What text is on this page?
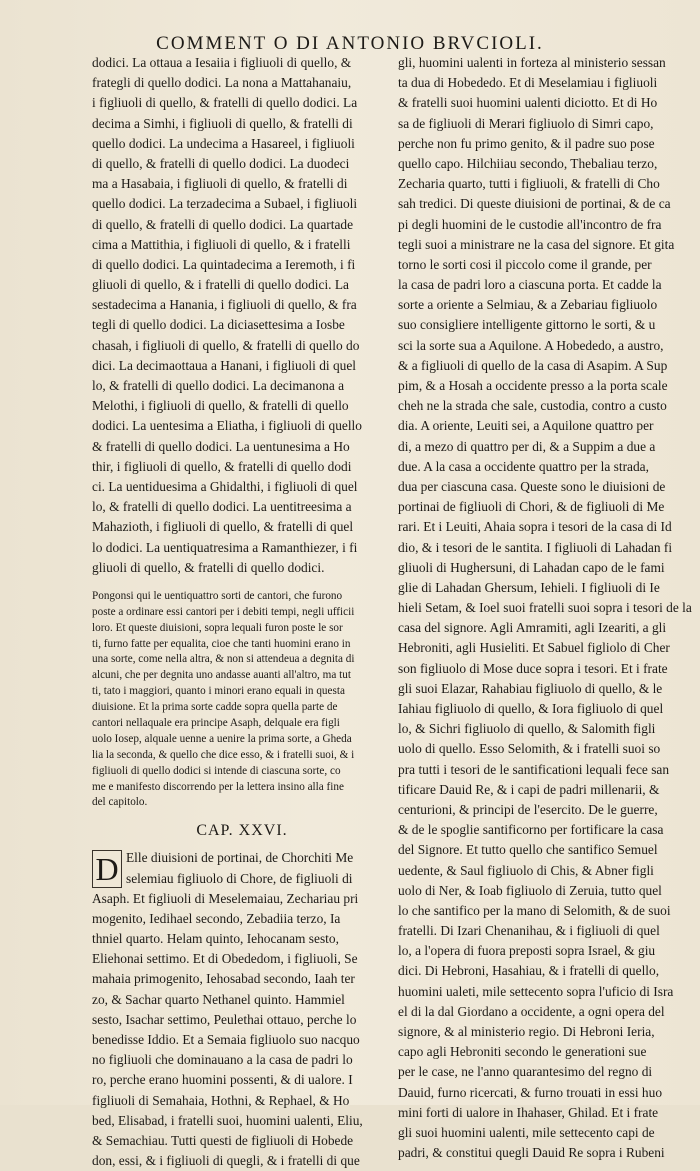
COMMENT O DI ANTONIO BRVCIOLI.
dodici. La ottaua a Iesaiia i figliuoli di quello, &
frategli di quello dodici. La nona a Mattahanaiu,
i figliuoli di quello, & fratelli di quello dodici. La
decima a Simhi, i figliuoli di quello, & fratelli di
quello dodici. La undecima a Hasareel, i figliuoli
di quello, & fratelli di quello dodici. La duodeci
ma a Hasabaia, i figliuoli di quello, & fratelli di
quello dodici. La terzadecima a Subael, i figliuoli
di quello, & fratelli di quello dodici. La quartade
cima a Mattithia, i figliuoli di quello, & i fratelli
di quello dodici. La quintadecima a Ieremoth, i fi
gliuoli di quello, & i fratelli di quello dodici. La
sestadecima a Hanania, i figliuoli di quello, & fra
tegli di quello dodici. La diciasettesima a Iosbe
chasah, i figliuoli di quello, & fratelli di quello do
dici. La decimaottaua a Hanani, i figliuoli di quel
lo, & fratelli di quello dodici. La decimanona a
Melothi, i figliuoli di quello, & fratelli di quello
dodici. La uentesima a Eliatha, i figliuoli di quello
& fratelli di quello dodici. La uentunesima a Ho
thir, i figliuoli di quello, & fratelli di quello dodi
ci. La uentiduesima a Ghidalthi, i figliuoli di quel
lo, & fratelli di quello dodici. La uentitreesima a
Mahazioth, i figliuoli di quello, & fratelli di quel
lo dodici. La uentiquatresima a Ramanthiezer, i fi
gliuoli di quello, & fratelli di quello dodici.
Pongonsi qui le uentiquattro sorti de cantori, che furono
poste a ordinare essi cantori per i debiti tempi, negli ufficii
loro. Et queste diuisioni, sopra lequali furon poste le sor
ti, furno fatte per equalita, cioe che tanti huomini erano in
una sorte, come nella altra, & non si attendeua a degnita di
alcuni, che per degnita uno andasse auanti all'altro, ma tut
ti, tato i maggiori, quanto i minori erano equali in questa
diuisione. Et la prima sorte cadde sopra quella parte de
cantori nellaquale era principe Asaph, delquale era figli
uolo Iosep, alquale uenne a uenire la prima sorte, a Gheda
lia la seconda, & quello che dice esso, & i fratelli suoi, & i
figliuoli di quello dodici si intende di ciascuna sorte, co
me e manifesto discorrendo per la lettera insino alla fine
del capitolo.
CAP. XXVI.
D Elle diuisioni de portinai, de Chorchiti Me
selemiau figliuolo di Chore, de figliuoli di
Asaph. Et figliuoli di Meselemaiau, Zechariau pri
mogenito, Iedihael secondo, Zebadiia terzo, Ia
thniel quarto. Helam quinto, Iehocanam sesto,
Eliehonai settimo. Et di Obededom, i figliuoli, Se
mahaia primogenito, Iehosabad secondo, Iaah ter
zo, & Sachar quarto Nethanel quinto. Hammiel
sesto, Isachar settimo, Peulethai ottauo, perche lo
benedisse Iddio. Et a Semaia figliuolo suo nacquo
no figliuoli che dominauano a la casa de padri lo
ro, perche erano huomini possenti, & di ualore. I
figliuoli di Semahaia, Hothni, & Rephael, & Ho
bed, Elisabad, i fratelli suoi, huomini ualenti, Eliu,
& Semachiau. Tutti questi de figliuoli di Hobede
don, essi, & i figliuoli di quegli, & i fratelli di que
gli, huomini ualenti in forteza al ministerio sessan
ta dua di Hobededo. Et di Meselamiau i figliuoli
& fratelli suoi huomini ualenti diciotto. Et di Ho
sa de figliuoli di Merari figliuolo di Simri capo,
perche non fu primo genito, & il padre suo pose
quello capo. Hilchiiau secondo, Thebaliau terzo,
Zecharia quarto, tutti i figliuoli, & fratelli di Cho
sah tredici. Di queste diuisioni de portinai, & de ca
pi degli huomini de le custodie all'incontro de fra
tegli suoi a ministrare ne la casa del signore. Et gita
torno le sorti cosi il piccolo come il grande, per
la casa de padri loro a ciascuna porta. Et cadde la
sorte a oriente a Selmiau, & a Zebariau figliuolo
suo consigliere intelligente gittorno le sorti, & u
sci la sorte sua a Aquilone. A Hobededo, a austro,
& a figliuoli di quello de la casa di Asapim. A Sup
pim, & a Hosah a occidente presso a la porta scale
cheh ne la strada che sale, custodia, contro a custo
dia. A oriente, Leuiti sei, a Aquilone quattro per
di, a mezo di quattro per di, & a Suppim a due a
due. A la casa a occidente quattro per la strada,
dua per ciascuna casa. Queste sono le diuisioni de
portinai de figliuoli di Chori, & de figliuoli di Me
rari. Et i Leuiti, Ahaia sopra i tesori de la casa di Id
dio, & i tesori de le santita. I figliuoli di Lahadan fi
gliuoli di Hughersuni, di Lahadan capo de le fami
glie di Lahadan Ghersum, Iehieli. I figliuoli di Ie
hieli Setam, & Ioel suoi fratelli suoi sopra i tesori de la
casa del signore. Agli Amramiti, agli Izeariti, a gli
Hebroniti, agli Husieliti. Et Sabuel figliolo di Cher
son figliuolo di Mose duce sopra i tesori. Et i frate
gli suoi Elazar, Rahabiau figliuolo di quello, & le
Iahiau figliuolo di quello, & Iora figliuolo di quel
lo, & Sichri figliuolo di quello, & Salomith figli
uolo di quello. Esso Selomith, & i fratelli suoi so
pra tutti i tesori de le santificationi lequali fece san
tificare Dauid Re, & i capi de padri millenarii, &
centurioni, & principi de l'esercito. De le guerre,
& de le spoglie santificorno per fortificare la casa
del Signore. Et tutto quello che santifico Semuel
uedente, & Saul figliuolo di Chis, & Abner figli
uolo di Ner, & Ioab figliuolo di Zeruia, tutto quel
lo che santifico per la mano di Selomith, & de suoi
fratelli. Di Izari Chenanihau, & i figliuoli di quel
lo, a l'opera di fuora preposti sopra Israel, & giu
dici. Di Hebroni, Hasahiau, & i fratelli di quello,
huomini ualeti, mile settecento sopra l'uficio di Isra
el di la dal Giordano a occidente, a ogni opera del
signore, & al ministerio regio. Di Hebroni Ieria,
capo agli Hebroniti secondo le generationi sue
per le case, ne l'anno quarantesimo del regno di
Dauid, furno ricercati, & furno trouati in essi huo
mini forti di ualore in Ihahaser, Ghilad. Et i frate
gli suoi huomini ualenti, mile settecento capi de
padri, & constitui quegli Dauid Re sopra i Rubeni
